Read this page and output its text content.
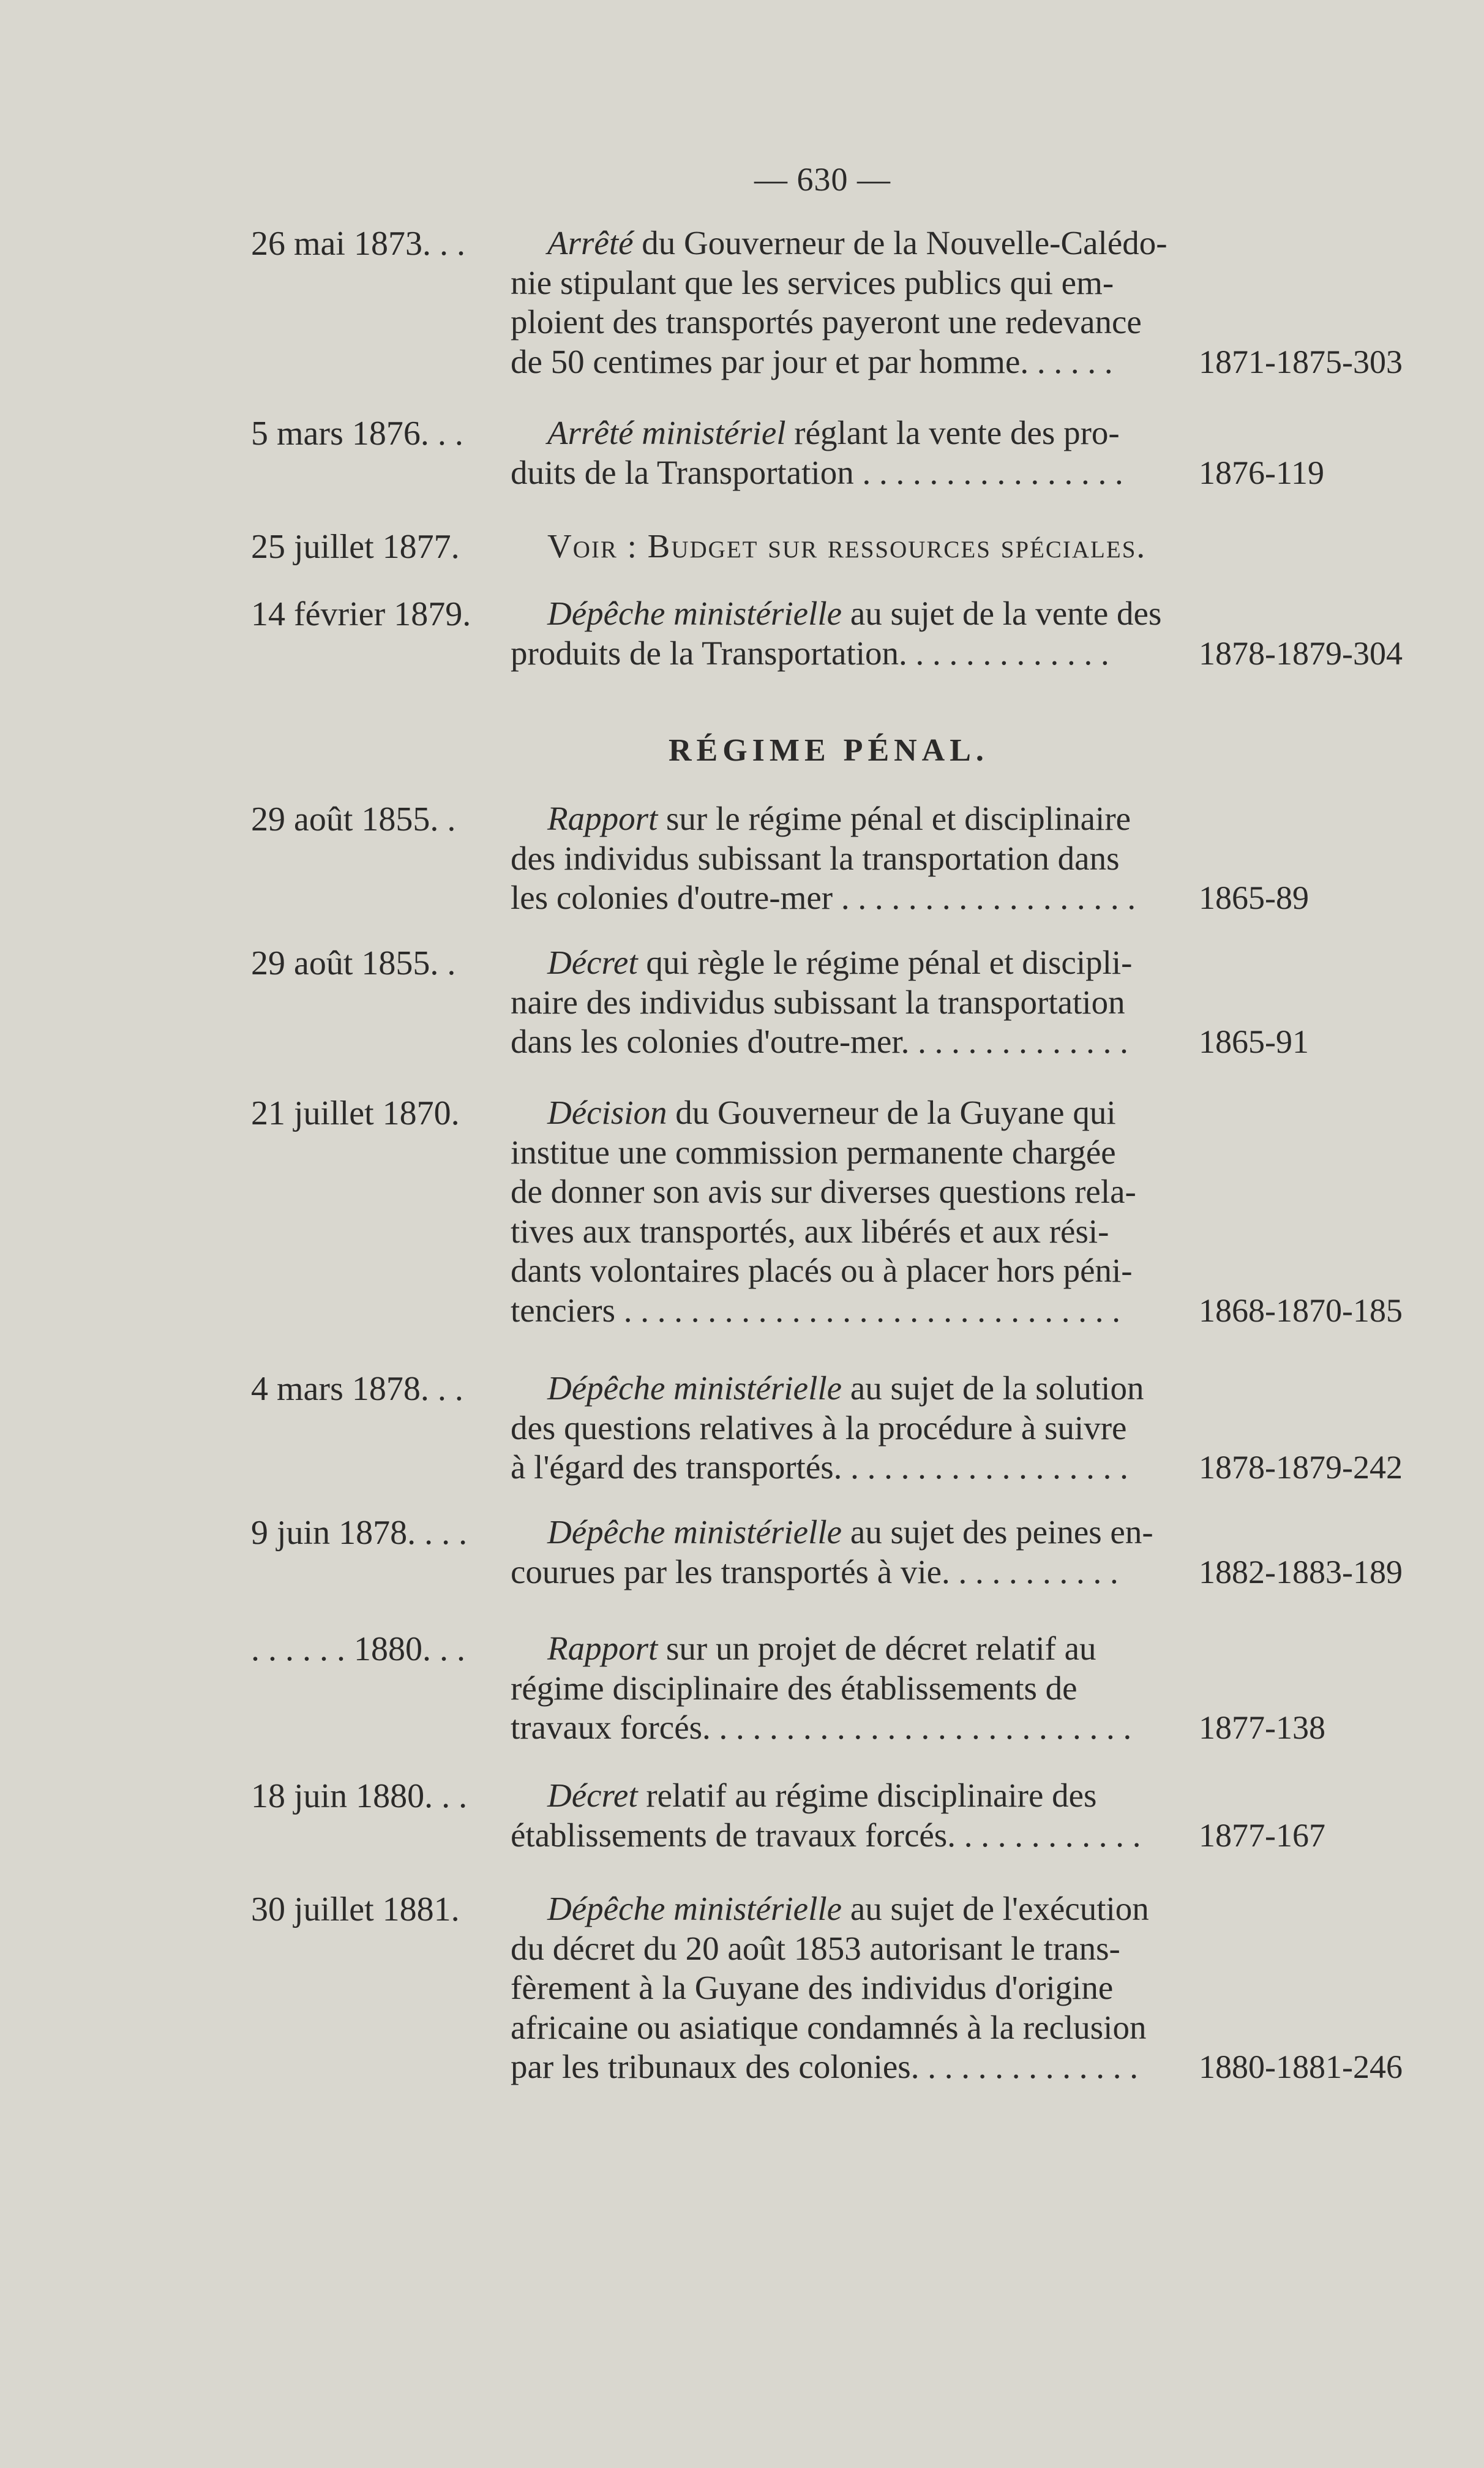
— 630 —
RÉGIME PÉNAL.
26 mai 1873. . .	Arrêté du Gouverneur de la Nouvelle-Calédo-
nie stipulant que les services publics qui em-
ploient des transportés payeront une redevance
de 50 centimes par jour et par homme. . . . . .	1871-1875-303
5 mars 1876. . .	Arrêté ministériel réglant la vente des pro-
duits de la Transportation . . . . . . . . . . . . . . . .	1876-119
25 juillet 1877.	Voir : Budget sur ressources spéciales.
14 février 1879.	Dépêche ministérielle au sujet de la vente des
produits de la Transportation. . . . . . . . . . . . .	1878-1879-304
29 août 1855. .	Rapport sur le régime pénal et disciplinaire
des individus subissant la transportation dans
les colonies d'outre-mer . . . . . . . . . . . . . . . . . .	1865-89
29 août 1855. .	Décret qui règle le régime pénal et discipli-
naire des individus subissant la transportation
dans les colonies d'outre-mer. . . . . . . . . . . . . .	1865-91
21 juillet 1870.	Décision du Gouverneur de la Guyane qui
institue une commission permanente chargée
de donner son avis sur diverses questions rela-
tives aux transportés, aux libérés et aux rési-
dants volontaires placés ou à placer hors péni-
tenciers . . . . . . . . . . . . . . . . . . . . . . . . . . . . . .	1868-1870-185
4 mars 1878. . .	Dépêche ministérielle au sujet de la solution
des questions relatives à la procédure à suivre
à l'égard des transportés. . . . . . . . . . . . . . . . . .	1878-1879-242
9 juin 1878. . . .	Dépêche ministérielle au sujet des peines en-
courues par les transportés à vie. . . . . . . . . . .	1882-1883-189
. . . . . . 1880. . .	Rapport sur un projet de décret relatif au
régime disciplinaire des établissements de
travaux forcés. . . . . . . . . . . . . . . . . . . . . . . . . .	1877-138
18 juin 1880. . .	Décret relatif au régime disciplinaire des
établissements de travaux forcés. . . . . . . . . . . .	1877-167
30 juillet 1881.	Dépêche ministérielle au sujet de l'exécution
du décret du 20 août 1853 autorisant le trans-
fèrement à la Guyane des individus d'origine
africaine ou asiatique condamnés à la reclusion
par les tribunaux des colonies. . . . . . . . . . . . . .	1880-1881-246
